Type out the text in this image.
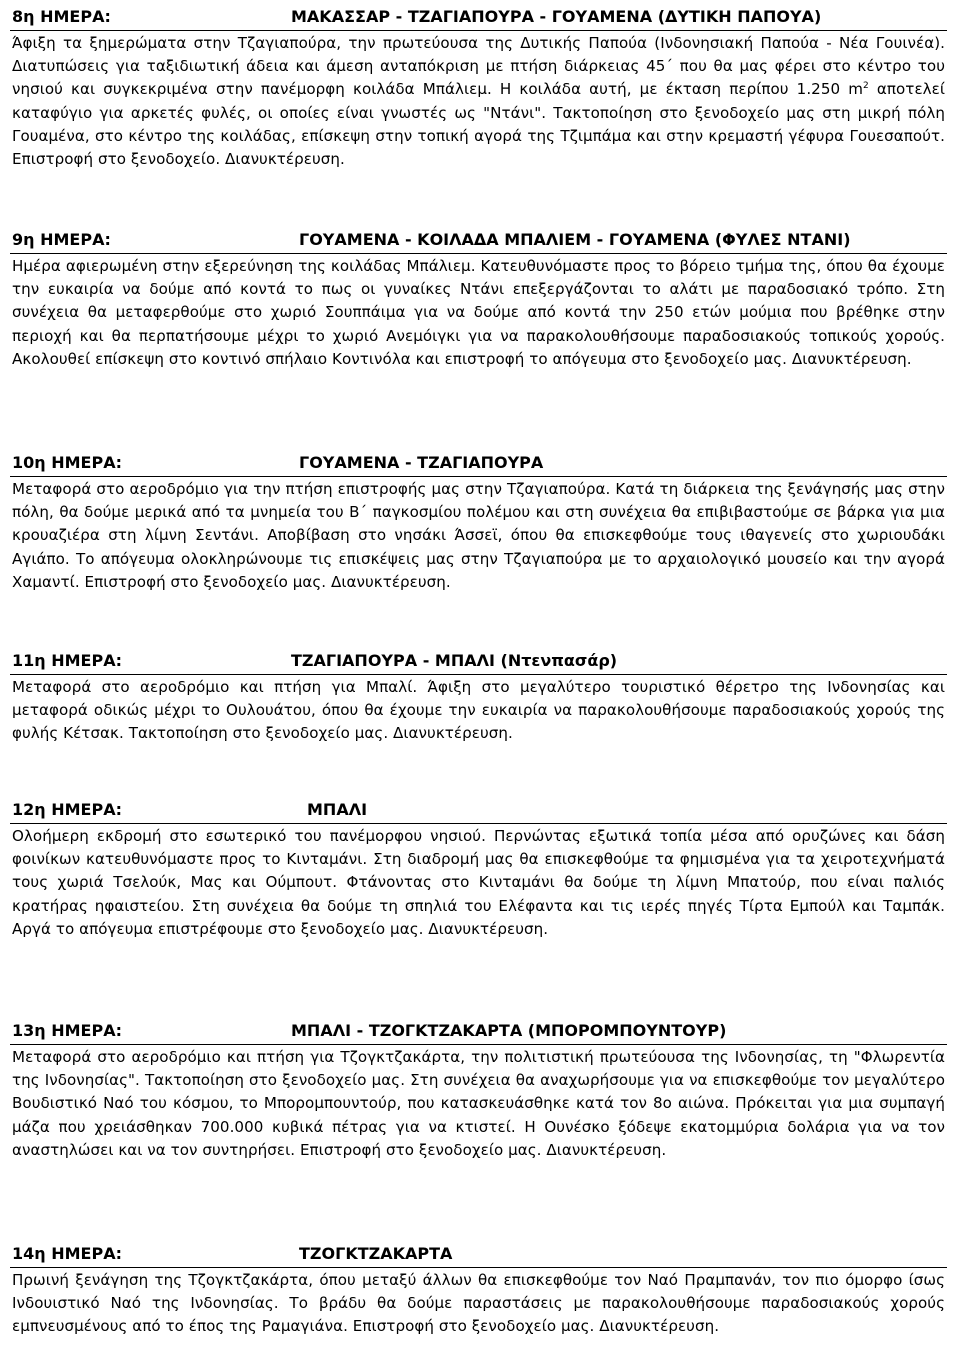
8η ΗΜΕΡΑ:	ΜΑΚΑΣΣΑΡ - ΤΖΑΓΙΑΠΟΥΡΑ - ΓΟΥΑΜΕΝΑ (ΔΥΤΙΚΗ ΠΑΠΟΥΑ)
Άφιξη τα ξημερώματα στην Τζαγιαπούρα, την πρωτεύουσα της Δυτικής Παπούα (Ινδονησιακή Παπούα - Νέα Γουινέα). Διατυπώσεις για ταξιδιωτική άδεια και άμεση ανταπόκριση με πτήση διάρκειας 45΄ που θα μας φέρει στο κέντρο του νησιού και συγκεκριμένα στην πανέμορφη κοιλάδα Μπάλιεμ. Η κοιλάδα αυτή, με έκταση περίπου 1.250 $m^2$ αποτελεί καταφύγιο για αρκετές φυλές, οι οποίες είναι γνωστές ως "Ντάνι". Τακτοποίηση στο ξενοδοχείο μας στη μικρή πόλη Γουαμένα, στο κέντρο της κοιλάδας, επίσκεψη στην τοπική αγορά της Τζιμπάμα και στην κρεμαστή γέφυρα Γουεσαπούτ. Επιστροφή στο ξενοδοχείο. Διανυκτέρευση.
9η ΗΜΕΡΑ:	ΓΟΥΑΜΕΝΑ - ΚΟΙΛΑΔΑ ΜΠΑΛΙΕΜ - ΓΟΥΑΜΕΝΑ (ΦΥΛΕΣ ΝΤΑΝΙ)
Ημέρα αφιερωμένη στην εξερεύνηση της κοιλάδας Μπάλιεμ. Κατευθυνόμαστε προς το βόρειο τμήμα της, όπου θα έχουμε την ευκαιρία να δούμε από κοντά το πως οι γυναίκες Ντάνι επεξεργάζονται το αλάτι με παραδοσιακό τρόπο. Στη συνέχεια θα μεταφερθούμε στο χωριό Σουππάιμα για να δούμε από κοντά την 250 ετών μούμια που βρέθηκε στην περιοχή και θα περπατήσουμε μέχρι το χωριό Ανεμόιγκι για να παρακολουθήσουμε παραδοσιακούς τοπικούς χορούς. Ακολουθεί επίσκεψη στο κοντινό σπήλαιο Κοντινόλα και επιστροφή το απόγευμα στο ξενοδοχείο μας. Διανυκτέρευση.
10η ΗΜΕΡΑ:	ΓΟΥΑΜΕΝΑ - ΤΖΑΓΙΑΠΟΥΡΑ
Μεταφορά στο αεροδρόμιο για την πτήση επιστροφής μας στην Τζαγιαπούρα. Κατά τη διάρκεια της ξενάγησής μας στην πόλη, θα δούμε μερικά από τα μνημεία του Β΄ παγκοσμίου πολέμου και στη συνέχεια θα επιβιβαστούμε σε βάρκα για μια κρουαζιέρα στη λίμνη Σεντάνι. Αποβίβαση στο νησάκι Άσσεϊ, όπου θα επισκεφθούμε τους ιθαγενείς στο χωριουδάκι Αγιάπο. Το απόγευμα ολοκληρώνουμε τις επισκέψεις μας στην Τζαγιαπούρα με το αρχαιολογικό μουσείο και την αγορά Χαμαντί. Επιστροφή στο ξενοδοχείο μας. Διανυκτέρευση.
11η ΗΜΕΡΑ:	ΤΖΑΓΙΑΠΟΥΡΑ - ΜΠΑΛΙ (Ντενπασάρ)
Μεταφορά στο αεροδρόμιο και πτήση για Μπαλί. Άφιξη στο μεγαλύτερο τουριστικό θέρετρο της Ινδονησίας και μεταφορά οδικώς μέχρι το Ουλουάτου, όπου θα έχουμε την ευκαιρία να παρακολουθήσουμε παραδοσιακούς χορούς της φυλής Κέτσακ. Τακτοποίηση στο ξενοδοχείο μας. Διανυκτέρευση.
12η ΗΜΕΡΑ:	ΜΠΑΛΙ
Ολοήμερη εκδρομή στο εσωτερικό του πανέμορφου νησιού. Περνώντας εξωτικά τοπία μέσα από ορυζώνες και δάση φοινίκων κατευθυνόμαστε προς το Κινταμάνι. Στη διαδρομή μας θα επισκεφθούμε τα φημισμένα για τα χειροτεχνήματά τους χωριά Τσελούκ, Μας και Ούμπουτ. Φτάνοντας στο Κινταμάνι θα δούμε τη λίμνη Μπατούρ, που είναι παλιός κρατήρας ηφαιστείου. Στη συνέχεια θα δούμε τη σπηλιά του Ελέφαντα και τις ιερές πηγές Τίρτα Εμπούλ και Ταμπάκ. Αργά το απόγευμα επιστρέφουμε στο ξενοδοχείο μας. Διανυκτέρευση.
13η ΗΜΕΡΑ:	ΜΠΑΛΙ - ΤΖΟΓΚΤΖΑΚΑΡΤΑ (ΜΠΟΡΟΜΠΟΥΝΤΟΥΡ)
Μεταφορά στο αεροδρόμιο και πτήση για Τζογκτζακάρτα, την πολιτιστική πρωτεύουσα της Ινδονησίας, τη "Φλωρεντία της Ινδονησίας". Τακτοποίηση στο ξενοδοχείο μας. Στη συνέχεια θα αναχωρήσουμε για να επισκεφθούμε τον μεγαλύτερο Βουδιστικό Ναό του κόσμου, το Μπορομπουντούρ, που κατασκευάσθηκε κατά τον 8ο αιώνα. Πρόκειται για μια συμπαγή μάζα που χρειάσθηκαν 700.000 κυβικά πέτρας για να κτιστεί. Η Ουνέσκο ξόδεψε εκατομμύρια δολάρια για να τον αναστηλώσει και να τον συντηρήσει. Επιστροφή στο ξενοδοχείο μας. Διανυκτέρευση.
14η ΗΜΕΡΑ:	ΤΖΟΓΚΤΖΑΚΑΡΤΑ
Πρωινή ξενάγηση της Τζογκτζακάρτα, όπου μεταξύ άλλων θα επισκεφθούμε τον Ναό Πραμπανάν, τον πιο όμορφο ίσως Ινδουιστικό Ναό της Ινδονησίας. Το βράδυ θα δούμε παραστάσεις με παρακολουθήσουμε παραδοσιακούς χορούς εμπνευσμένους από το έπος της Ραμαγιάνα. Επιστροφή στο ξενοδοχείο μας. Διανυκτέρευση.
